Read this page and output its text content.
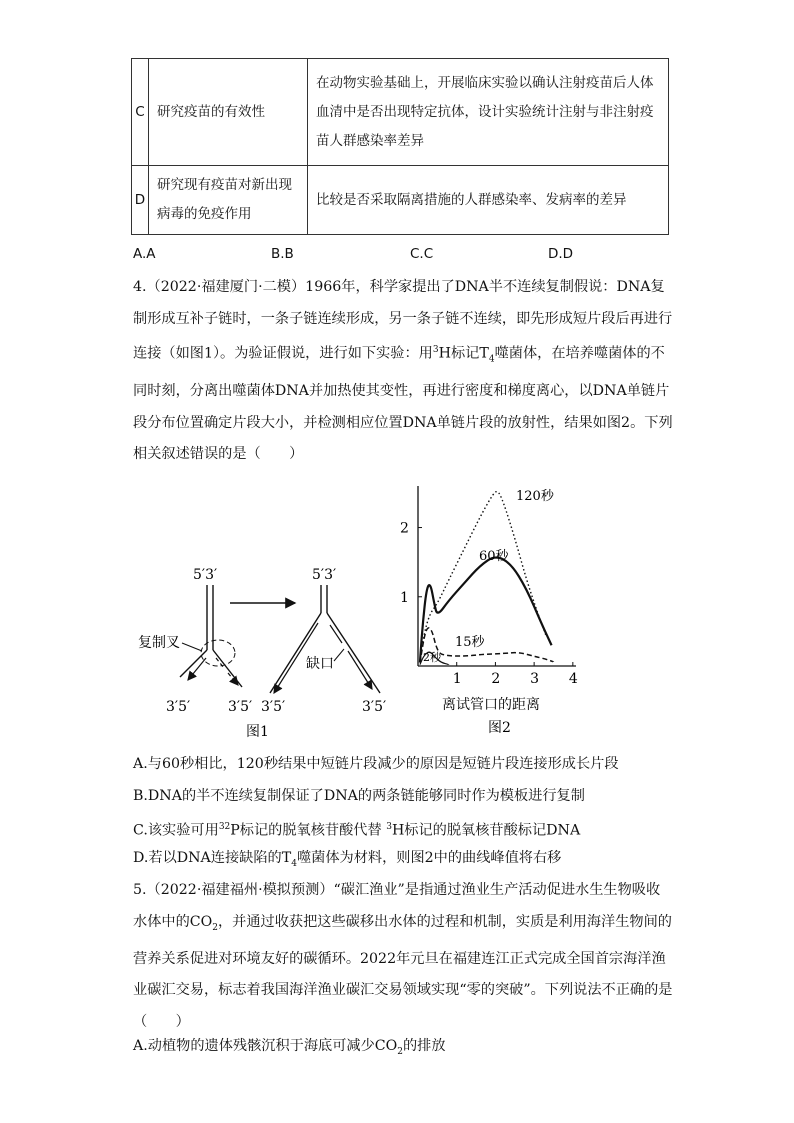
C	研究疫苗的有效性	在动物实验基础上，开展临床实验以确认注射疫苗后人体血清中是否出现特定抗体，设计实验统计注射与非注射疫苗人群感染率差异
D	研究现有疫苗对新出现病毒的免疫作用	比较是否采取隔离措施的人群感染率、发病率的差异
A.A	B.B	C.C	D.D

4.（2022·福建厦门·二模）1966年，科学家提出了DNA半不连续复制假说：DNA复制形成互补子链时，一条子链连续形成，另一条子链不连续，即先形成短片段后再进行连接（如图1）。为验证假说，进行如下实验：用$^3$H标记$T_4$噬菌体，在培养噬菌体的不同时刻，分离出噬菌体DNA并加热使其变性，再进行密度和梯度离心，以DNA单链片段分布位置确定片段大小，并检测相应位置DNA单链片段的放射性，结果如图2。下列相关叙述错误的是（　　）

5′3′	5′3′
复制叉
缺口
3′5′	3′5′ 3′5′	3′5′
图1
1 2 3 4
1
2
120秒
60秒
15秒
2秒
离试管口的距离
图2
A.与60秒相比，120秒结果中短链片段减少的原因是短链片段连接形成长片段
B.DNA的半不连续复制保证了DNA的两条链能够同时作为模板进行复制
C.该实验可用$^{32}$P标记的脱氧核苷酸代替 $^3$H标记的脱氧核苷酸标记DNA
D.若以DNA连接缺陷的$T_4$噬菌体为材料，则图2中的曲线峰值将右移

5.（2022·福建福州·模拟预测）“碳汇渔业”是指通过渔业生产活动促进水生生物吸收水体中的$CO_2$，并通过收获把这些碳移出水体的过程和机制，实质是利用海洋生物间的营养关系促进对环境友好的碳循环。2022年元旦在福建连江正式完成全国首宗海洋渔业碳汇交易，标志着我国海洋渔业碳汇交易领域实现“零的突破”。下列说法不正确的是（　　）

A.动植物的遗体残骸沉积于海底可减少$CO_2$的排放
